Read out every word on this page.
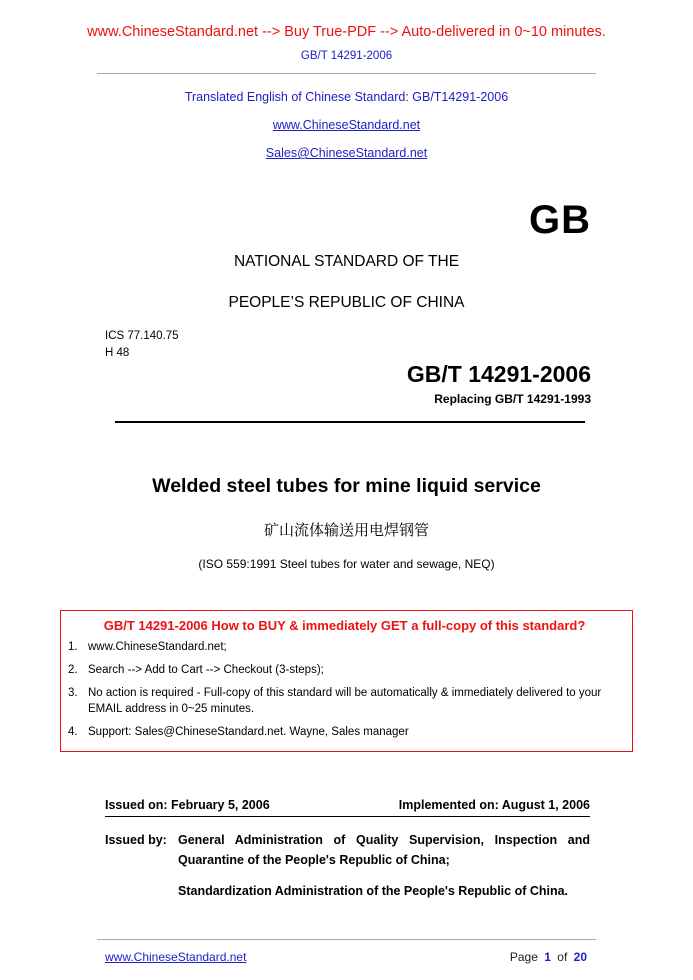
www.ChineseStandard.net --> Buy True-PDF --> Auto-delivered in 0~10 minutes.
GB/T 14291-2006
Translated English of Chinese Standard: GB/T14291-2006
www.ChineseStandard.net
Sales@ChineseStandard.net
GB
NATIONAL STANDARD OF THE
PEOPLE’S REPUBLIC OF CHINA
ICS 77.140.75
H 48
GB/T 14291-2006
Replacing GB/T 14291-1993
Welded steel tubes for mine liquid service
矿山流体输送用电焊钢管
(ISO 559:1991 Steel tubes for water and sewage, NEQ)
GB/T 14291-2006 How to BUY & immediately GET a full-copy of this standard?
1. www.ChineseStandard.net;
2. Search --> Add to Cart --> Checkout (3-steps);
3. No action is required - Full-copy of this standard will be automatically & immediately delivered to your EMAIL address in 0~25 minutes.
4. Support: Sales@ChineseStandard.net. Wayne, Sales manager
Issued on: February 5, 2006	Implemented on: August 1, 2006
Issued by: General Administration of Quality Supervision, Inspection and Quarantine of the People's Republic of China;
Standardization Administration of the People's Republic of China.
www.ChineseStandard.net	Page 1 of 20
